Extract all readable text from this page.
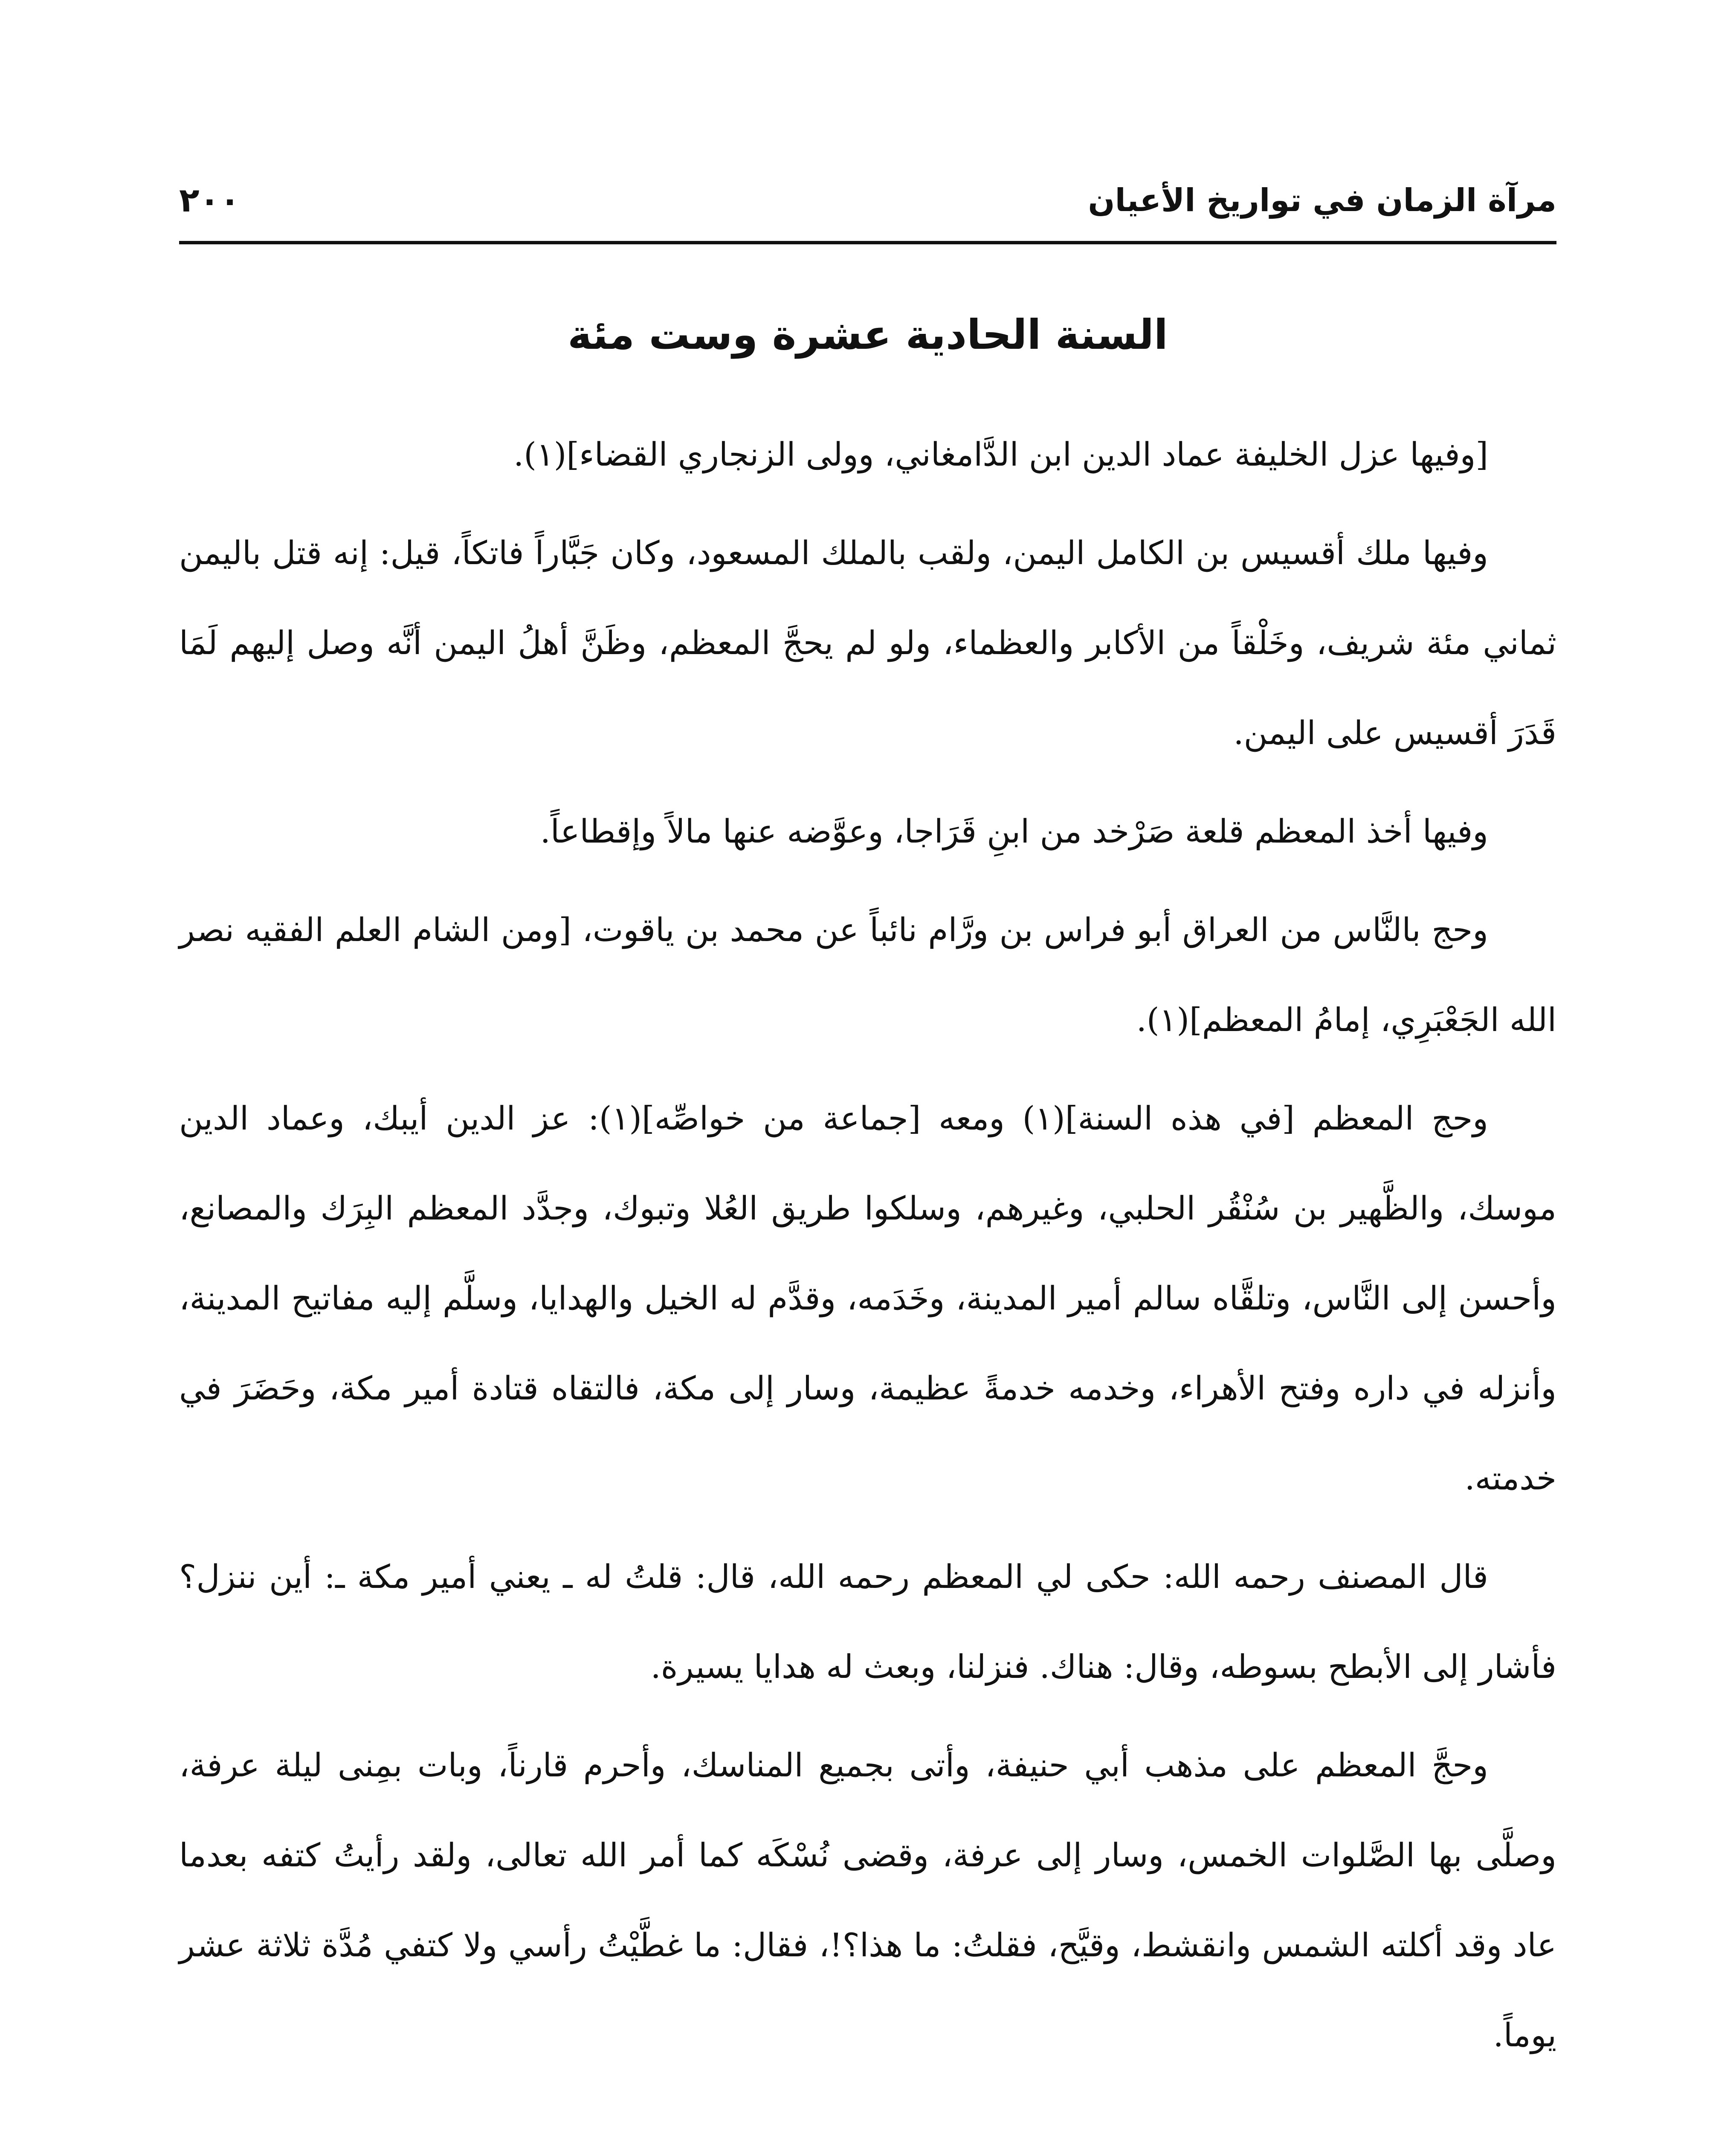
مرآة الزمان في تواريخ الأعيان
٢٠٠
السنة الحادية عشرة وست مئة

[وفيها عزل الخليفة عماد الدين ابن الدَّامغاني، وولى الزنجاري القضاء](١).

وفيها ملك أقسيس بن الكامل اليمن، ولقب بالملك المسعود، وكان جَبَّاراً فاتكاً، قيل: إنه قتل باليمن ثماني مئة شريف، وخَلْقاً من الأكابر والعظماء، ولو لم يحجَّ المعظم، وظَنَّ أهلُ اليمن أنَّه وصل إليهم لَمَا قَدَرَ أقسيس على اليمن.

وفيها أخذ المعظم قلعة صَرْخد من ابنِ قَرَاجا، وعوَّضه عنها مالاً وإقطاعاً.

وحج بالنَّاس من العراق أبو فراس بن ورَّام نائباً عن محمد بن ياقوت، [ومن الشام العلم الفقيه نصر الله الجَعْبَرِي، إمامُ المعظم](١).

وحج المعظم [في هذه السنة](١) ومعه [جماعة من خواصِّه](١): عز الدين أيبك، وعماد الدين موسك، والظَّهير بن سُنْقُر الحلبي، وغيرهم، وسلكوا طريق العُلا وتبوك، وجدَّد المعظم البِرَك والمصانع، وأحسن إلى النَّاس، وتلقَّاه سالم أمير المدينة، وخَدَمه، وقدَّم له الخيل والهدايا، وسلَّم إليه مفاتيح المدينة، وأنزله في داره وفتح الأهراء، وخدمه خدمةً عظيمة، وسار إلى مكة، فالتقاه قتادة أمير مكة، وحَضَرَ في خدمته.

قال المصنف رحمه الله: حكى لي المعظم رحمه الله، قال: قلتُ له ـ يعني أمير مكة ـ: أين ننزل؟ فأشار إلى الأبطح بسوطه، وقال: هناك. فنزلنا، وبعث له هدايا يسيرة.

وحجَّ المعظم على مذهب أبي حنيفة، وأتى بجميع المناسك، وأحرم قارناً، وبات بمِنى ليلة عرفة، وصلَّى بها الصَّلوات الخمس، وسار إلى عرفة، وقضى نُسْكَه كما أمر الله تعالى، ولقد رأيتُ كتفه بعدما عاد وقد أكلته الشمس وانقشط، وقيَّح، فقلتُ: ما هذا؟!، فقال: ما غطَّيْتُ رأسي ولا كتفي مُدَّة ثلاثة عشر يوماً.
